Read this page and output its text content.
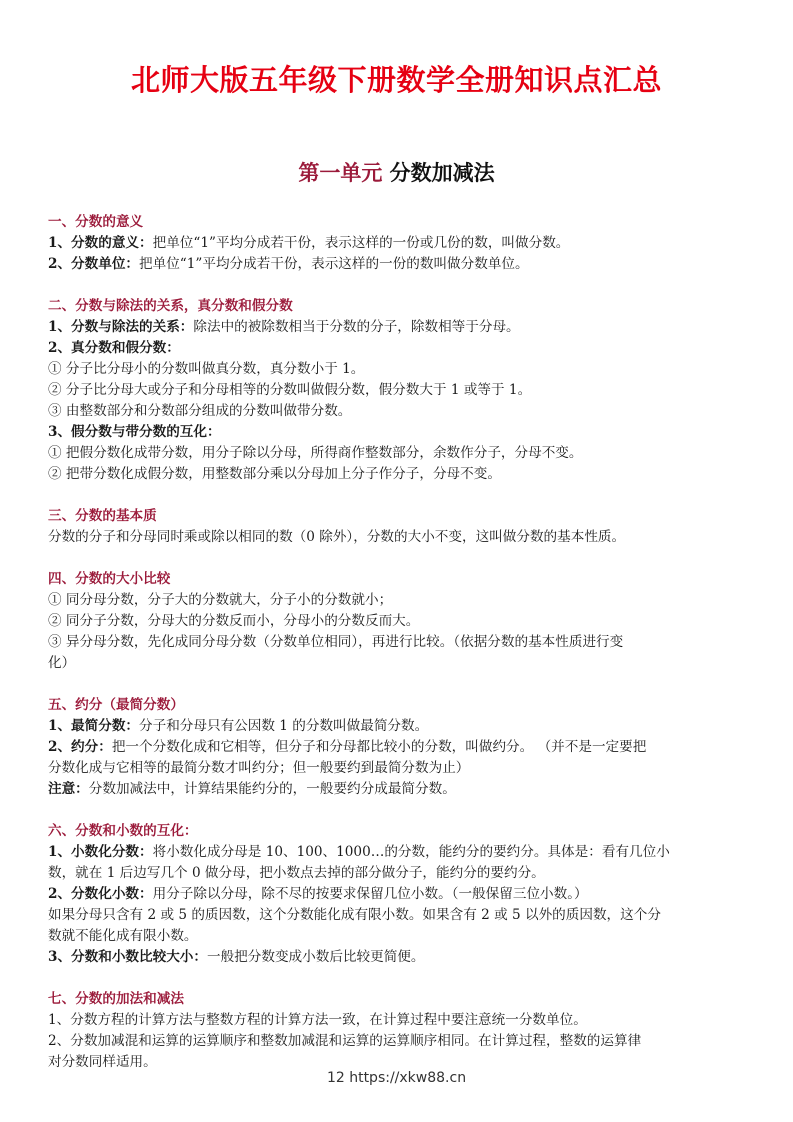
北师大版五年级下册数学全册知识点汇总
第一单元 分数加减法

一、分数的意义

1、分数的意义：把单位“1”平均分成若干份，表示这样的一份或几份的数，叫做分数。

2、分数单位：把单位“1”平均分成若干份，表示这样的一份的数叫做分数单位。

二、分数与除法的关系，真分数和假分数

1、分数与除法的关系：除法中的被除数相当于分数的分子，除数相等于分母。

2、真分数和假分数：

① 分子比分母小的分数叫做真分数，真分数小于 1。

② 分子比分母大或分子和分母相等的分数叫做假分数，假分数大于 1 或等于 1。

③ 由整数部分和分数部分组成的分数叫做带分数。

3、假分数与带分数的互化：

① 把假分数化成带分数，用分子除以分母，所得商作整数部分，余数作分子，分母不变。

② 把带分数化成假分数，用整数部分乘以分母加上分子作分子，分母不变。

三、分数的基本质

分数的分子和分母同时乘或除以相同的数（0 除外），分数的大小不变，这叫做分数的基本性质。

四、分数的大小比较

① 同分母分数，分子大的分数就大，分子小的分数就小；

② 同分子分数，分母大的分数反而小，分母小的分数反而大。

③ 异分母分数，先化成同分母分数（分数单位相同），再进行比较。（依据分数的基本性质进行变

化）

五、约分（最简分数）

1、最简分数：分子和分母只有公因数 1 的分数叫做最简分数。

2、约分：把一个分数化成和它相等，但分子和分母都比较小的分数，叫做约分。 （并不是一定要把

分数化成与它相等的最简分数才叫约分；但一般要约到最简分数为止）

注意：分数加减法中，计算结果能约分的，一般要约分成最简分数。

六、分数和小数的互化：

1、小数化分数：将小数化成分母是 10、100、1000…的分数，能约分的要约分。具体是：看有几位小

数，就在 1 后边写几个 0 做分母，把小数点去掉的部分做分子，能约分的要约分。

2、分数化小数：用分子除以分母，除不尽的按要求保留几位小数。（一般保留三位小数。）

如果分母只含有 2 或 5 的质因数，这个分数能化成有限小数。如果含有 2 或 5 以外的质因数，这个分

数就不能化成有限小数。

3、分数和小数比较大小：一般把分数变成小数后比较更简便。

七、分数的加法和减法

1、分数方程的计算方法与整数方程的计算方法一致，在计算过程中要注意统一分数单位。

2、分数加减混和运算的运算顺序和整数加减混和运算的运算顺序相同。在计算过程，整数的运算律

对分数同样适用。

12 https://xkw88.cn
